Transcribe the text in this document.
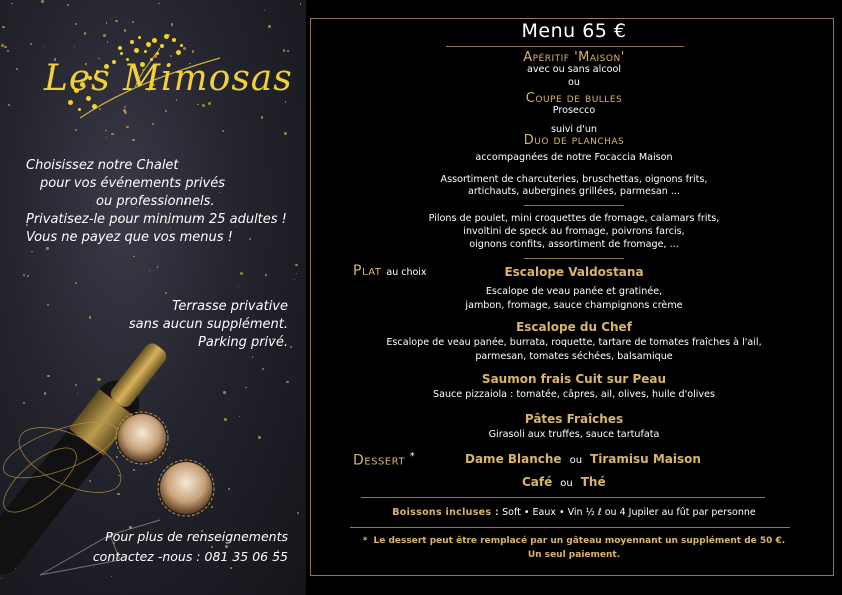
Les Mimosas
Choisissez notre Chalet
pour vos événements privés
ou professionnels.
Privatisez-le pour minimum 25 adultes !
Vous ne payez que vos menus !
Terrasse privative
sans aucun supplément.
Parking privé.
Pour plus de renseignements
contactez -nous : 081 35 06 55
Menu 65 €
Apéritif 'Maison'
avec ou sans alcool
ou
Coupe de bulles
Prosecco
suivi d'un
Duo de planchas
accompagnées de notre Focaccia Maison
Assortiment de charcuteries, bruschettas, oignons frits,
artichauts, aubergines grillées, parmesan ...
Pilons de poulet, mini croquettes de fromage, calamars frits,
involtini de speck au fromage, poivrons farcis,
oignons confits, assortiment de fromage, ...
Plat au choix	Escalope Valdostana
Escalope de veau panée et gratinée,
jambon, fromage, sauce champignons crème
Escalope du Chef
Escalope de veau panée, burrata, roquette, tartare de tomates fraîches à l'ail,
parmesan, tomates séchées, balsamique
Saumon frais Cuit sur Peau
Sauce pizzaiola : tomatée, câpres, ail, olives, huile d'olives
Pâtes Fraîches
Girasoli aux truffes, sauce tartufata
Dessert *	Dame Blanche ou Tiramisu Maison
Café ou Thé
Boissons incluses : Soft • Eaux • Vin ½ ℓ ou 4 Jupiler au fût par personne
* Le dessert peut être remplacé par un gâteau moyennant un supplément de 50 €.
Un seul paiement.
